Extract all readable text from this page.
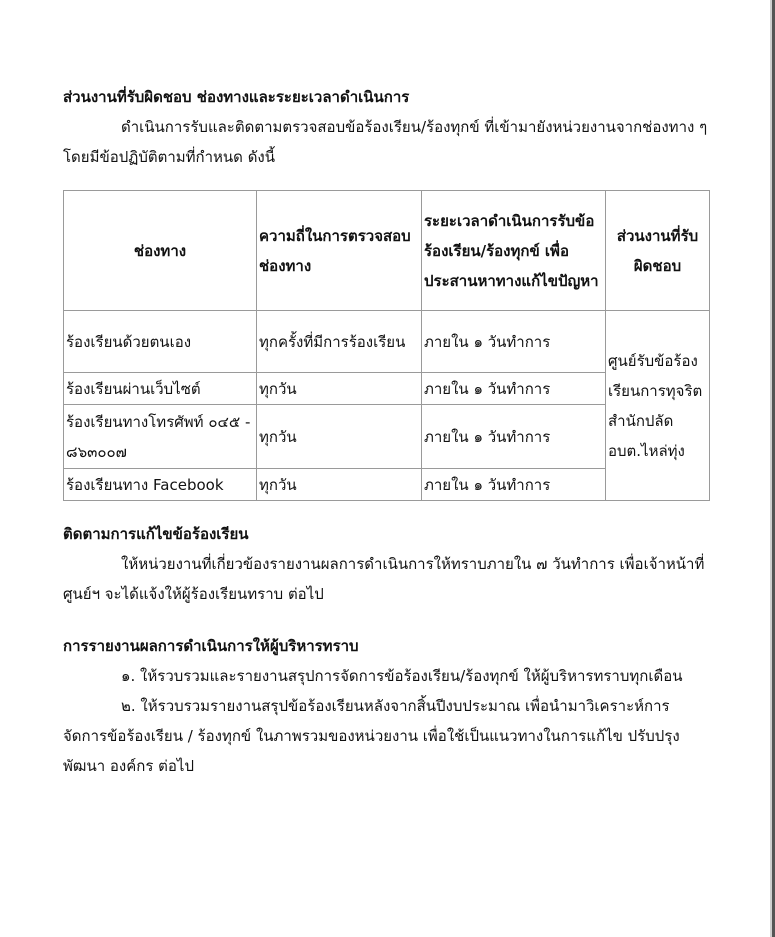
ส่วนงานที่รับผิดชอบ ช่องทางและระยะเวลาดำเนินการ

ดำเนินการรับและติดตามตรวจสอบข้อร้องเรียน/ร้องทุกข์ ที่เข้ามายังหน่วยงานจากช่องทาง ๆ โดยมีข้อปฏิบัติตามที่กำหนด ดังนี้

ช่องทาง	ความถี่ในการตรวจสอบช่องทาง	ระยะเวลาดำเนินการรับข้อร้องเรียน/ร้องทุกข์ เพื่อประสานหาทางแก้ไขปัญหา	ส่วนงานที่รับผิดชอบ
ร้องเรียนด้วยตนเอง	ทุกครั้งที่มีการร้องเรียน	ภายใน ๑ วันทำการ	ศูนย์รับข้อร้องเรียนการทุจริต สำนักปลัดอบต.ไหล่ทุ่ง
ร้องเรียนผ่านเว็บไซต์	ทุกวัน	ภายใน ๑ วันทำการ	
ร้องเรียนทางโทรศัพท์ ๐๔๕ - ๘๖๓๐๐๗	ทุกวัน	ภายใน ๑ วันทำการ	
ร้องเรียนทาง Facebook	ทุกวัน	ภายใน ๑ วันทำการ	

ติดตามการแก้ไขข้อร้องเรียน

ให้หน่วยงานที่เกี่ยวข้องรายงานผลการดำเนินการให้ทราบภายใน ๗ วันทำการ เพื่อเจ้าหน้าที่ศูนย์ฯ จะได้แจ้งให้ผู้ร้องเรียนทราบ ต่อไป

การรายงานผลการดำเนินการให้ผู้บริหารทราบ

๑. ให้รวบรวมและรายงานสรุปการจัดการข้อร้องเรียน/ร้องทุกข์ ให้ผู้บริหารทราบทุกเดือน

๒. ให้รวบรวมรายงานสรุปข้อร้องเรียนหลังจากสิ้นปีงบประมาณ เพื่อนำมาวิเคราะห์การจัดการข้อร้องเรียน / ร้องทุกข์ ในภาพรวมของหน่วยงาน เพื่อใช้เป็นแนวทางในการแก้ไข ปรับปรุง พัฒนา องค์กร ต่อไป
